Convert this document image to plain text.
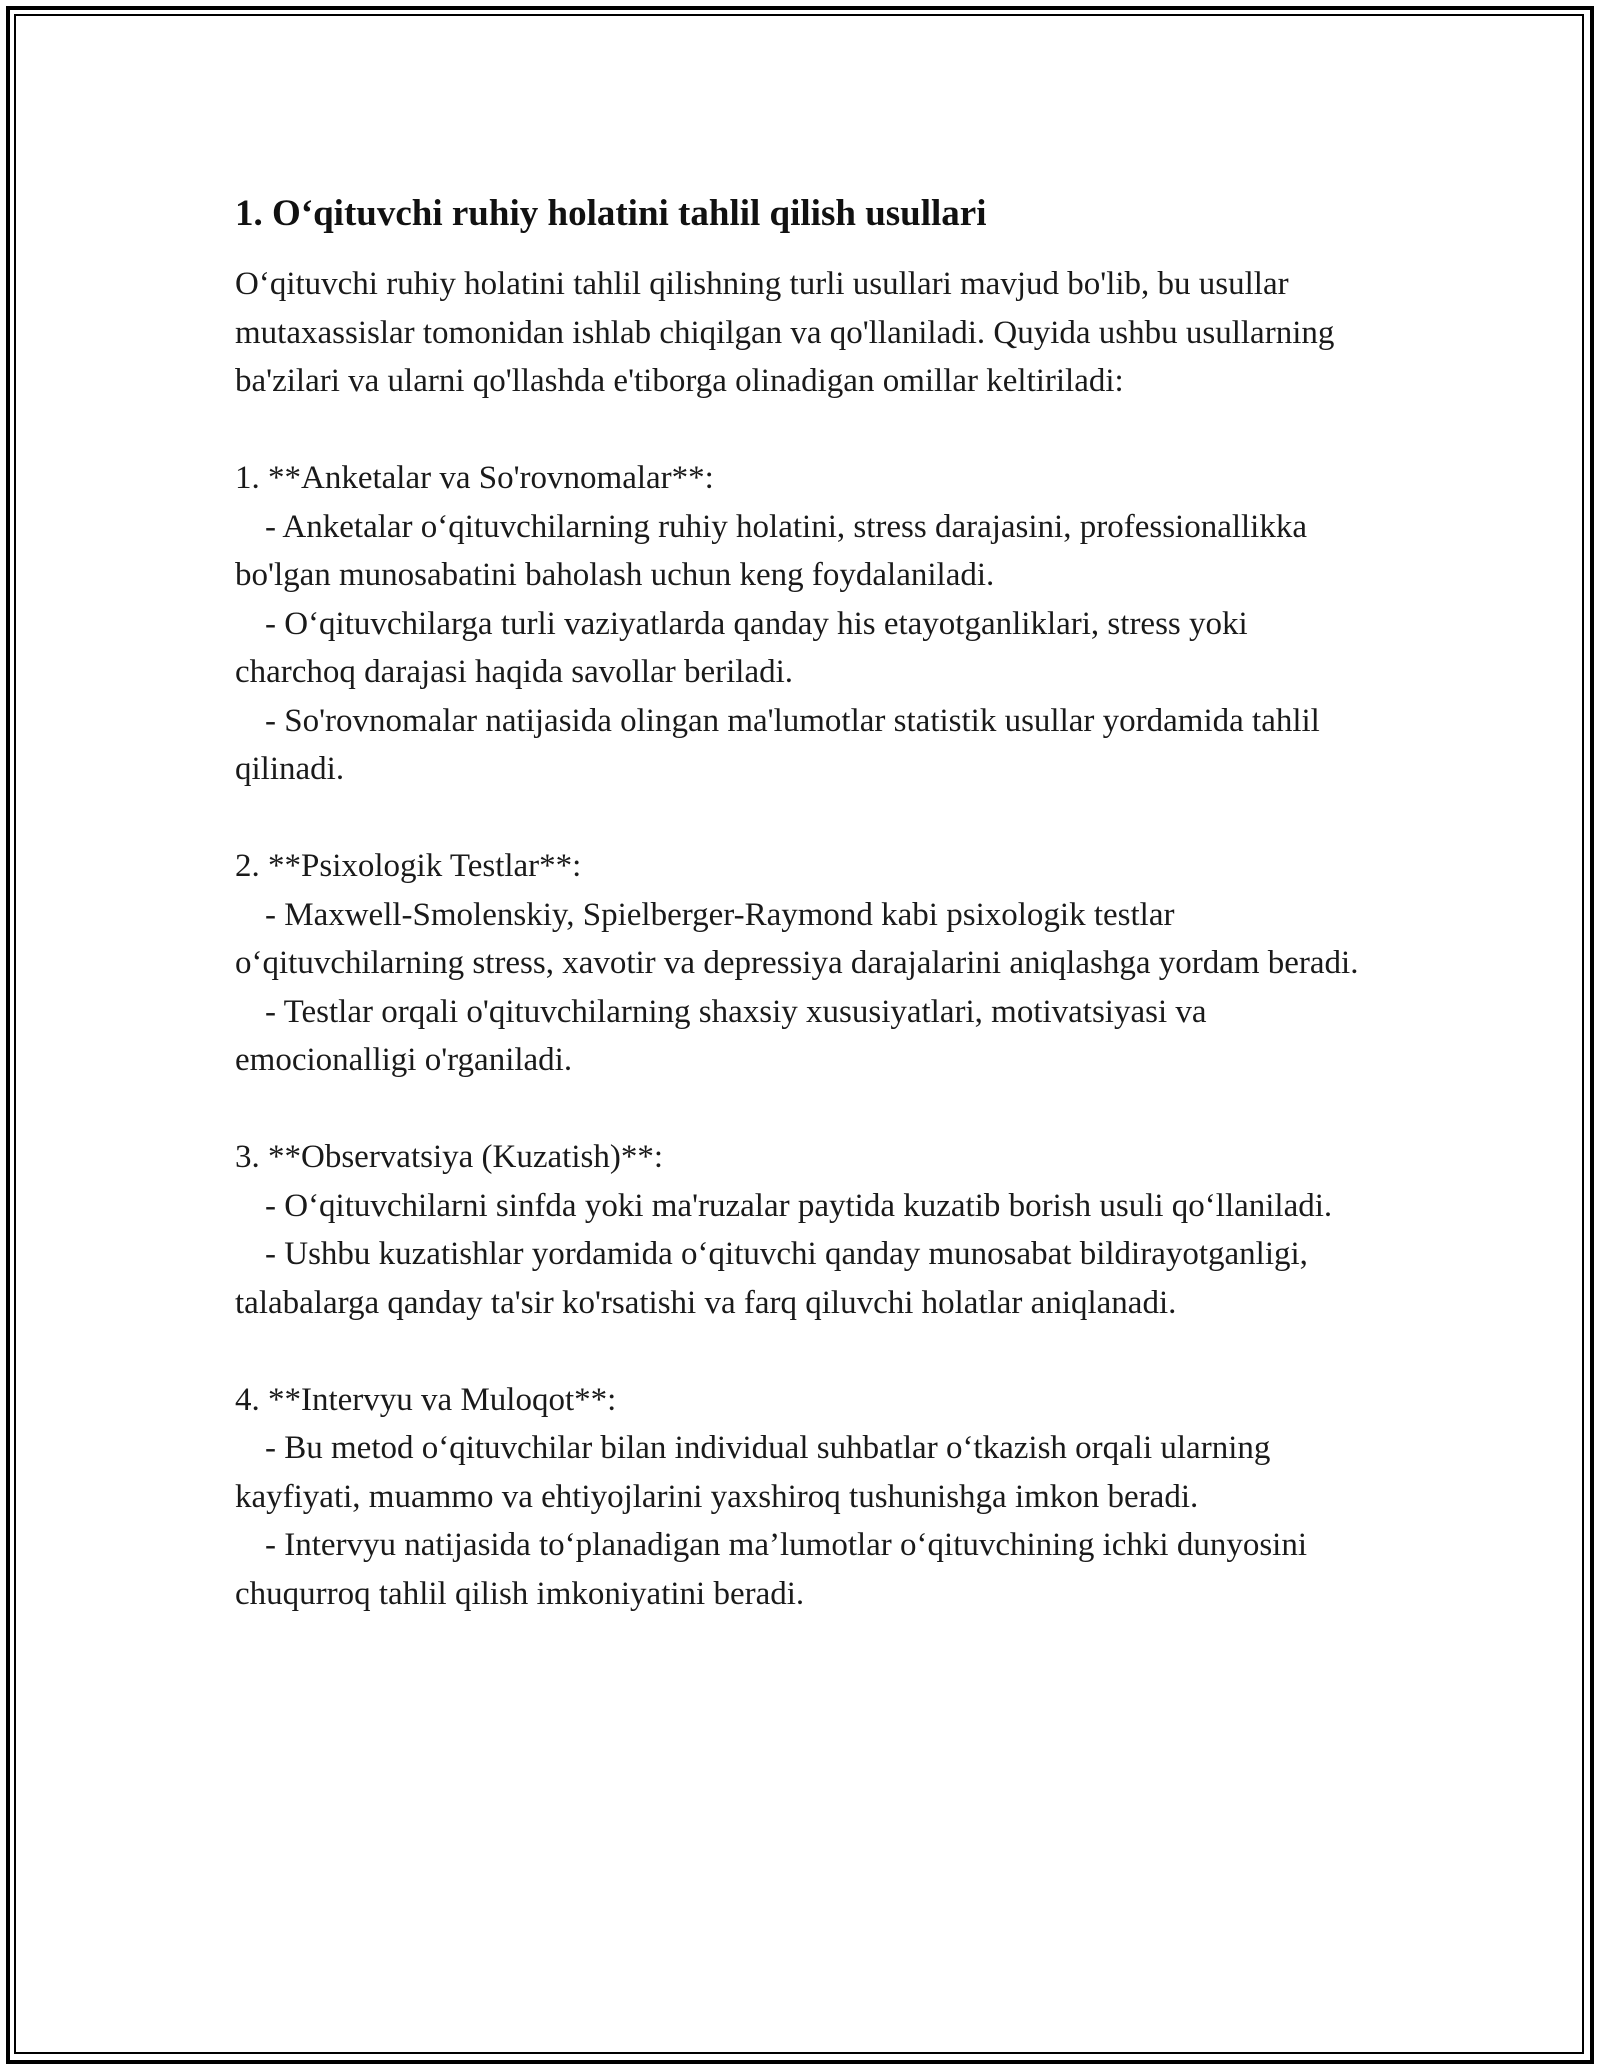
1. O‘qituvchi ruhiy holatini tahlil qilish usullari

O‘qituvchi ruhiy holatini tahlil qilishning turli usullari mavjud bo'lib, bu usullar mutaxassislar tomonidan ishlab chiqilgan va qo'llaniladi. Quyida ushbu usullarning ba'zilari va ularni qo'llashda e'tiborga olinadigan omillar keltiriladi:

1. **Anketalar va So'rovnomalar**:

- Anketalar o‘qituvchilarning ruhiy holatini, stress darajasini, professionallikka bo'lgan munosabatini baholash uchun keng foydalaniladi.

- O‘qituvchilarga turli vaziyatlarda qanday his etayotganliklari, stress yoki charchoq darajasi haqida savollar beriladi.

- So'rovnomalar natijasida olingan ma'lumotlar statistik usullar yordamida tahlil qilinadi.

2. **Psixologik Testlar**:

- Maxwell-Smolenskiy, Spielberger-Raymond kabi psixologik testlar o‘qituvchilarning stress, xavotir va depressiya darajalarini aniqlashga yordam beradi.

- Testlar orqali o'qituvchilarning shaxsiy xususiyatlari, motivatsiyasi va emocionalligi o'rganiladi.

3. **Observatsiya (Kuzatish)**:

- O‘qituvchilarni sinfda yoki ma'ruzalar paytida kuzatib borish usuli qo‘llaniladi.

- Ushbu kuzatishlar yordamida o‘qituvchi qanday munosabat bildirayotganligi, talabalarga qanday ta'sir ko'rsatishi va farq qiluvchi holatlar aniqlanadi.

4. **Intervyu va Muloqot**:

- Bu metod o‘qituvchilar bilan individual suhbatlar o‘tkazish orqali ularning kayfiyati, muammo va ehtiyojlarini yaxshiroq tushunishga imkon beradi.

- Intervyu natijasida to‘planadigan ma’lumotlar o‘qituvchining ichki dunyosini chuqurroq tahlil qilish imkoniyatini beradi.
